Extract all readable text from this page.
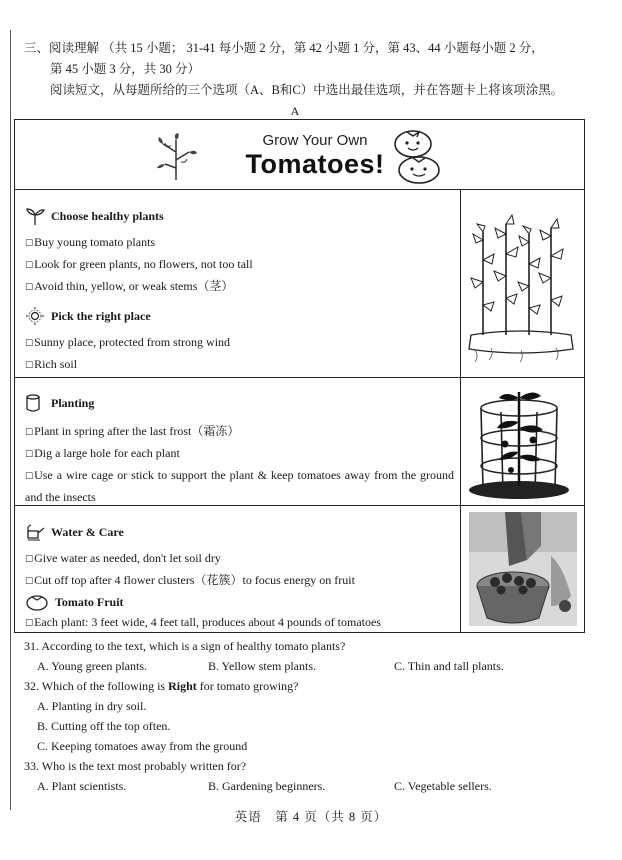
三、阅读理解 （共 15 小题； 31-41 每小题 2 分，第 42 小题 1 分，第 43、44 小题每小题 2 分，
第 45 小题 3 分，共 30 分）
阅读短文，从每题所给的三个选项（A、B和C）中选出最佳选项，并在答题卡上将该项涂黑。
A
Grow Your Own
Tomatoes!
Choose healthy plants
☐ Buy young tomato plants
☐ Look for green plants, no flowers, not too tall
☐ Avoid thin, yellow, or weak stems（茎）
Pick the right place
☐ Sunny place, protected from strong wind
☐ Rich soil
Planting
☐ Plant in spring after the last frost（霜冻）
☐ Dig a large hole for each plant
☐ Use a wire cage or stick to support the plant & keep tomatoes away from the ground and the insects
Water & Care
☐ Give water as needed, don't let soil dry
☐ Cut off top after 4 flower clusters（花簇）to focus energy on fruit
Tomato Fruit
☐ Each plant: 3 feet wide, 4 feet tall, produces about 4 pounds of tomatoes
31. According to the text, which is a sign of healthy tomato plants?
A. Young green plants.	B. Yellow stem plants.	C. Thin and tall plants.
32. Which of the following is Right for tomato growing?
A. Planting in dry soil.
B. Cutting off the top often.
C. Keeping tomatoes away from the ground
33. Who is the text most probably written for?
A. Plant scientists.	B. Gardening beginners.	C. Vegetable sellers.
英语　第 4 页（共 8 页）
